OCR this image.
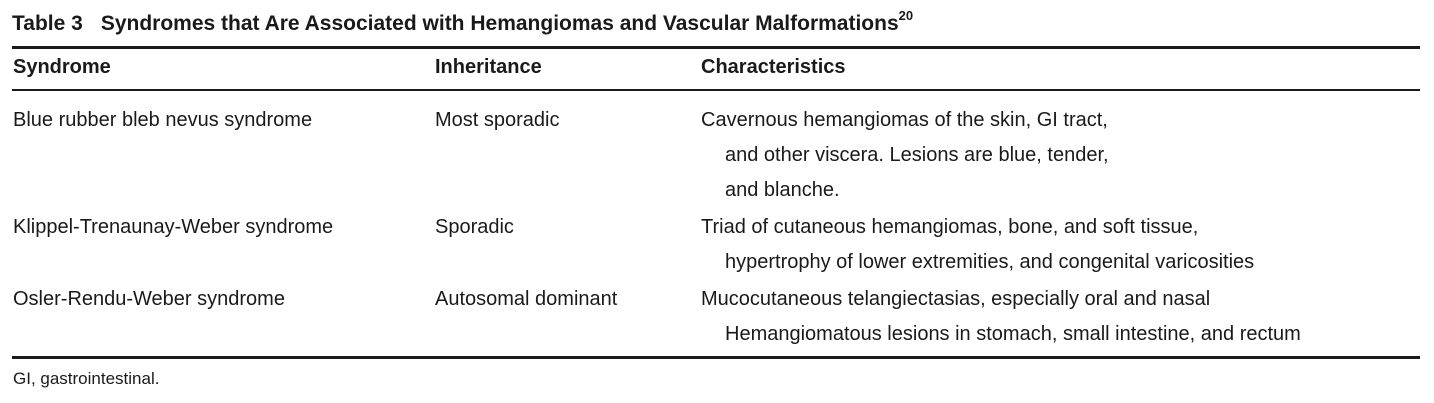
Table 3 Syndromes that Are Associated with Hemangiomas and Vascular Malformations$^{20}$
Syndrome	Inheritance	Characteristics
Blue rubber bleb nevus syndrome	Most sporadic	Cavernous hemangiomas of the skin, GI tract,
and other viscera. Lesions are blue, tender,
and blanche.
Klippel-Trenaunay-Weber syndrome	Sporadic	Triad of cutaneous hemangiomas, bone, and soft tissue,
hypertrophy of lower extremities, and congenital varicosities
Osler-Rendu-Weber syndrome	Autosomal dominant	Mucocutaneous telangiectasias, especially oral and nasal
Hemangiomatous lesions in stomach, small intestine, and rectum
GI, gastrointestinal.
